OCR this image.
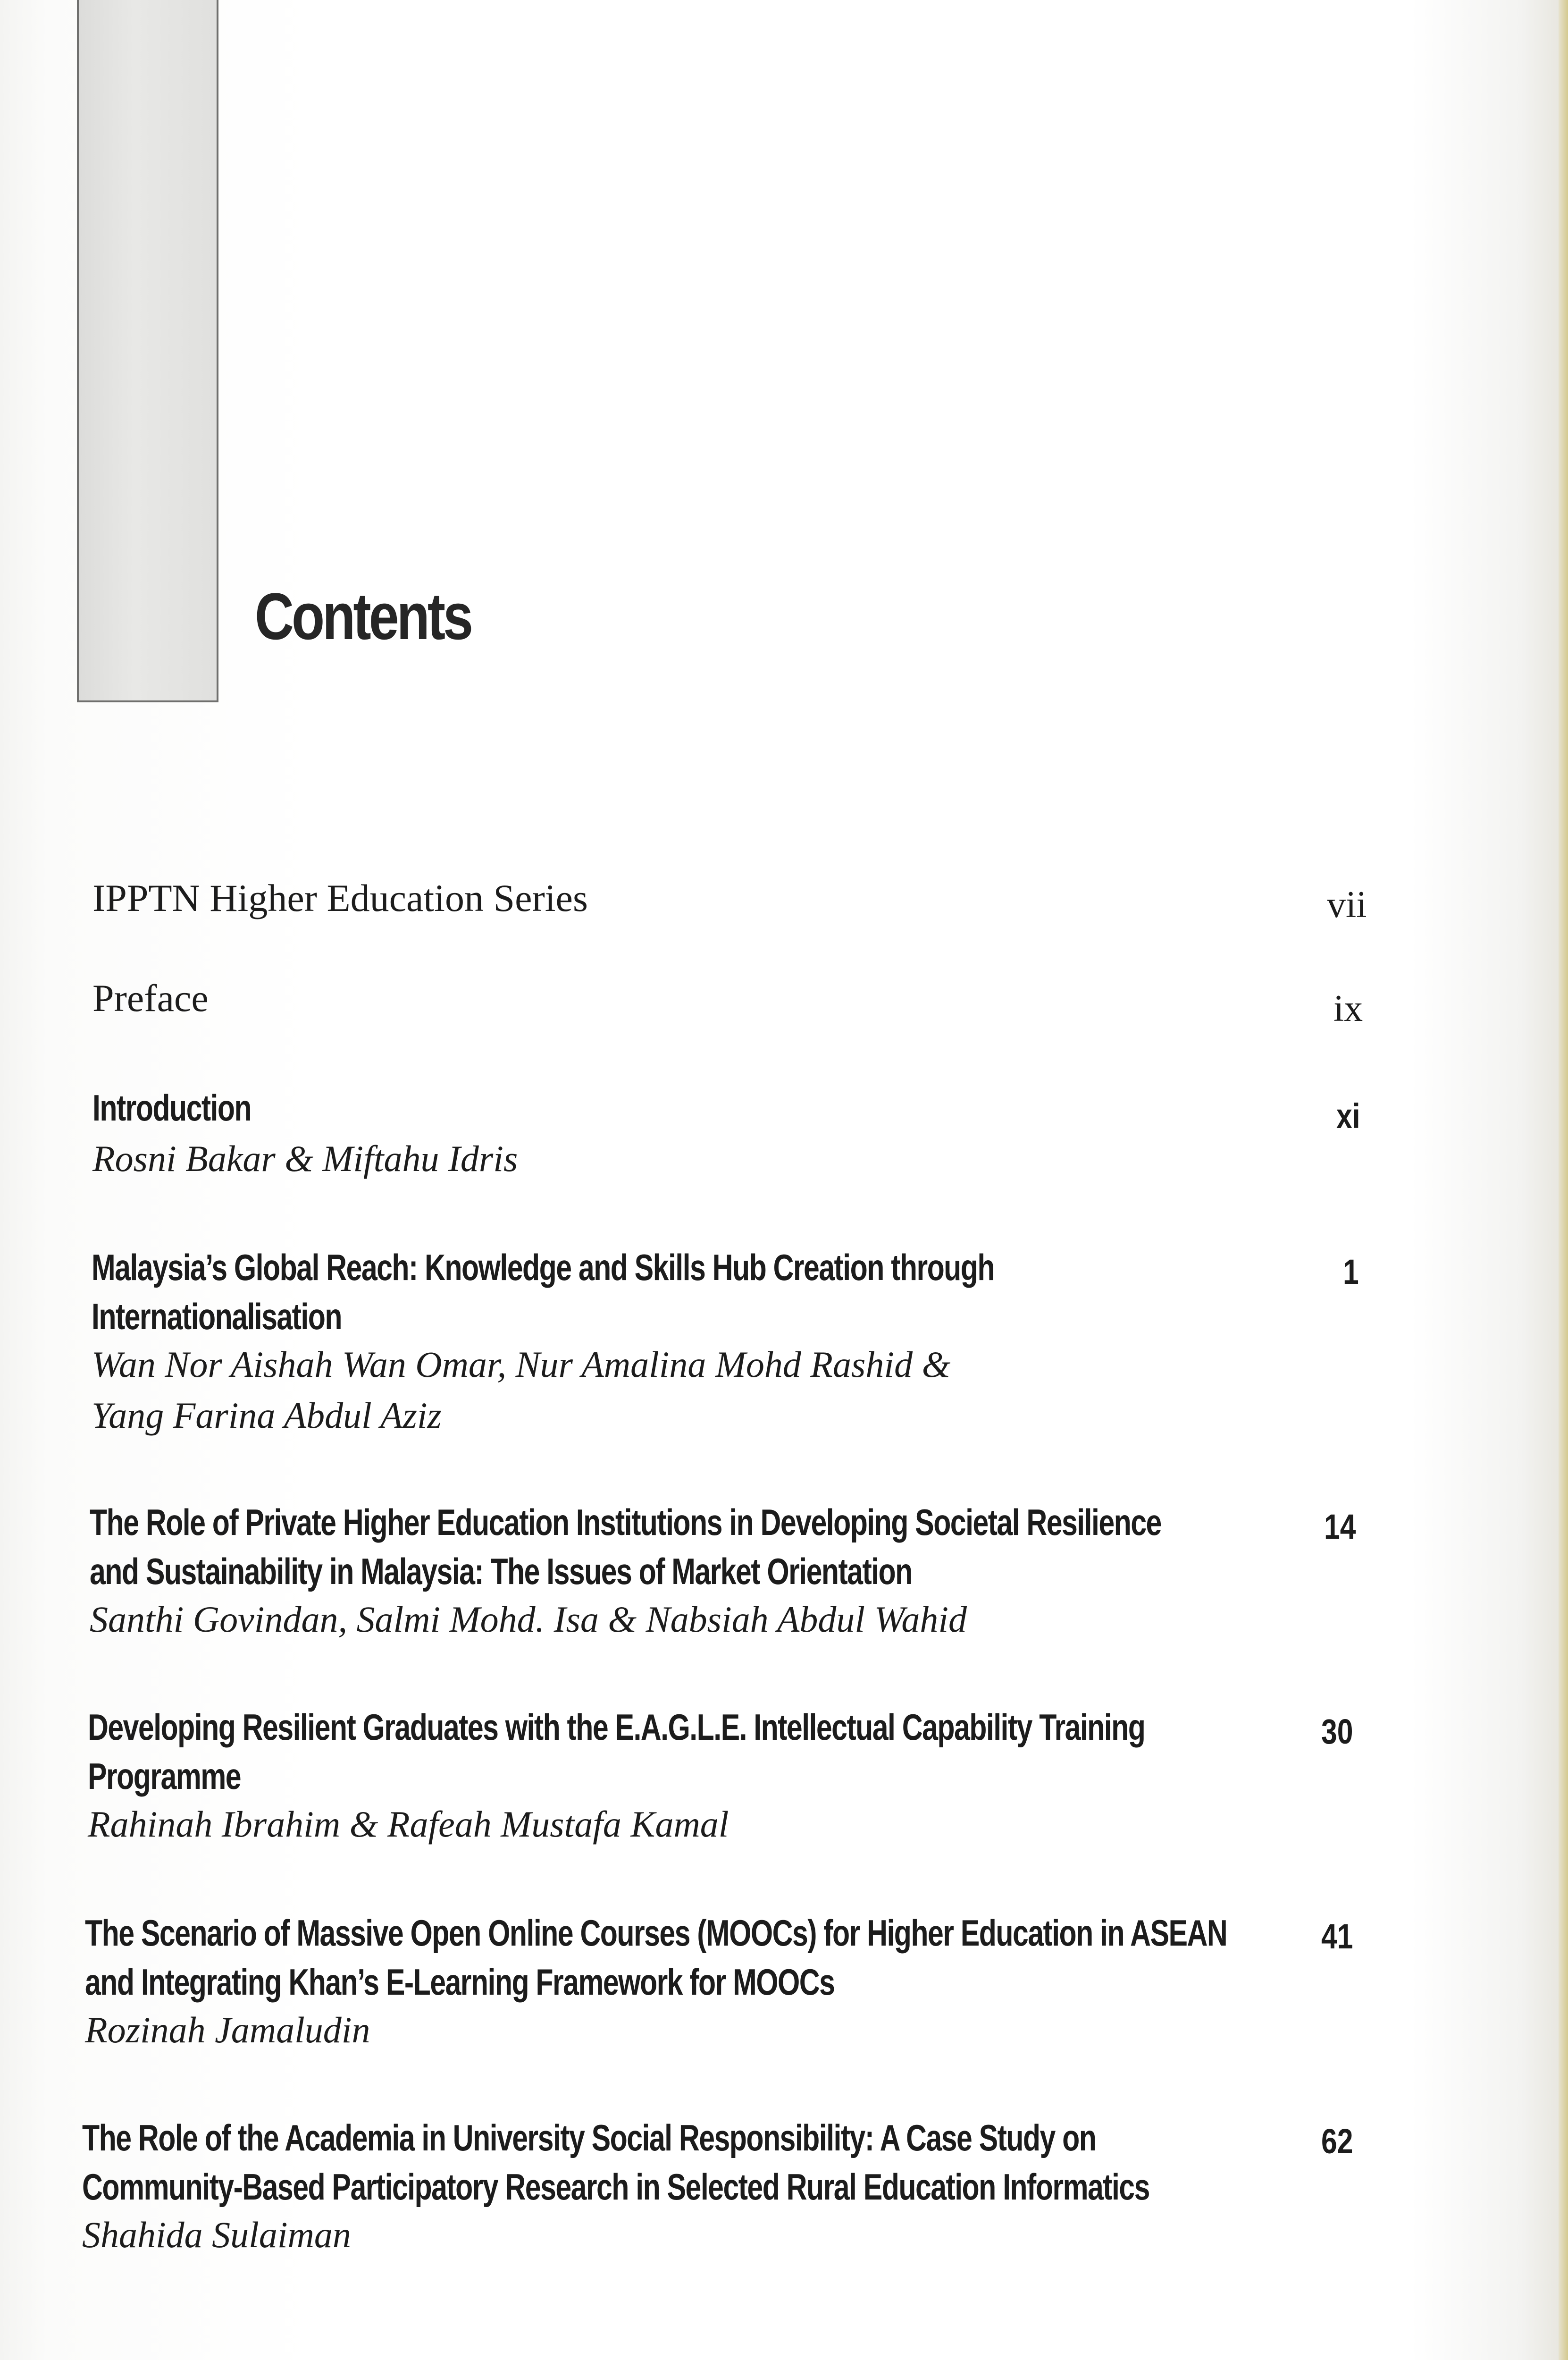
Contents
IPPTN Higher Education Series	vii
Preface	ix
Introduction
Rosni Bakar & Miftahu Idris
xi
Malaysia’s Global Reach: Knowledge and Skills Hub Creation through
Internationalisation
Wan Nor Aishah Wan Omar, Nur Amalina Mohd Rashid &
Yang Farina Abdul Aziz
1
The Role of Private Higher Education Institutions in Developing Societal Resilience
and Sustainability in Malaysia: The Issues of Market Orientation
Santhi Govindan, Salmi Mohd. Isa & Nabsiah Abdul Wahid
14
Developing Resilient Graduates with the E.A.G.L.E. Intellectual Capability Training
Programme
Rahinah Ibrahim & Rafeah Mustafa Kamal
30
The Scenario of Massive Open Online Courses (MOOCs) for Higher Education in ASEAN
and Integrating Khan’s E-Learning Framework for MOOCs
Rozinah Jamaludin
41
The Role of the Academia in University Social Responsibility: A Case Study on
Community-Based Participatory Research in Selected Rural Education Informatics
Shahida Sulaiman
62
